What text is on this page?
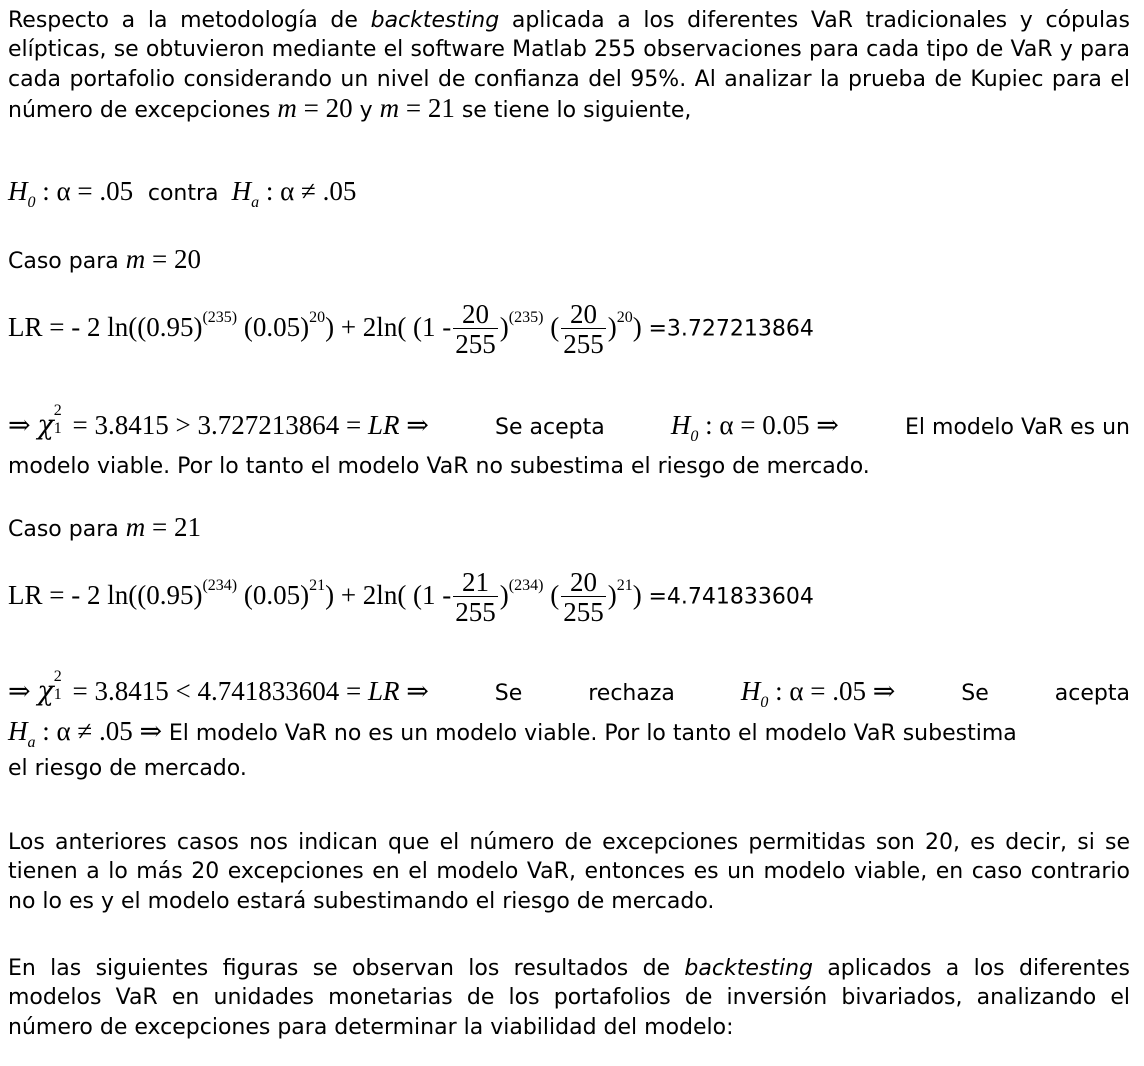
Respecto a la metodología de backtesting aplicada a los diferentes VaR tradicionales y cópulas elípticas, se obtuvieron mediante el software Matlab 255 observaciones para cada tipo de VaR y para cada portafolio considerando un nivel de confianza del 95%. Al analizar la prueba de Kupiec para el número de excepciones m = 20 y m = 21 se tiene lo siguiente,
$H_0$ : α = .05 contra $H_a$ : α ≠ .05
Caso para m = 20
LR = - 2 $\ln((0.95)^{(235)}$ $(0.05)^{20}) + 2\ln$( $(1 - \frac{20}{255} )^{(235)}$ ( $\frac{20}{255} )^{20}) =3.727213864$
⇒ χ 2
1 = 3.8415 > 3.727213864 = LR ⇒	Se acepta $H_0$ : α = 0.05 ⇒	El modelo VaR es un
modelo viable. Por lo tanto el modelo VaR no subestima el riesgo de mercado.
Caso para m = 21
LR = - 2 $\ln((0.95)^{(234)}$ $(0.05)^{21}) + 2\ln$( $(1 - \frac{21}{255} )^{(234)}$ ( $\frac{20}{255} )^{21}) =4.741833604$
⇒ χ 2
1 = 3.8415 < 4.741833604 = LR ⇒	Se	rechaza $H_0$ : α = .05 ⇒	Se	acepta
$H_a$ : α ≠ .05 ⇒ El modelo VaR no es un modelo viable. Por lo tanto el modelo VaR subestima
el riesgo de mercado.
Los anteriores casos nos indican que el número de excepciones permitidas son 20, es decir, si se tienen a lo más 20 excepciones en el modelo VaR, entonces es un modelo viable, en caso contrario no lo es y el modelo estará subestimando el riesgo de mercado.
En las siguientes figuras se observan los resultados de backtesting aplicados a los diferentes modelos VaR en unidades monetarias de los portafolios de inversión bivariados, analizando el número de excepciones para determinar la viabilidad del modelo:
